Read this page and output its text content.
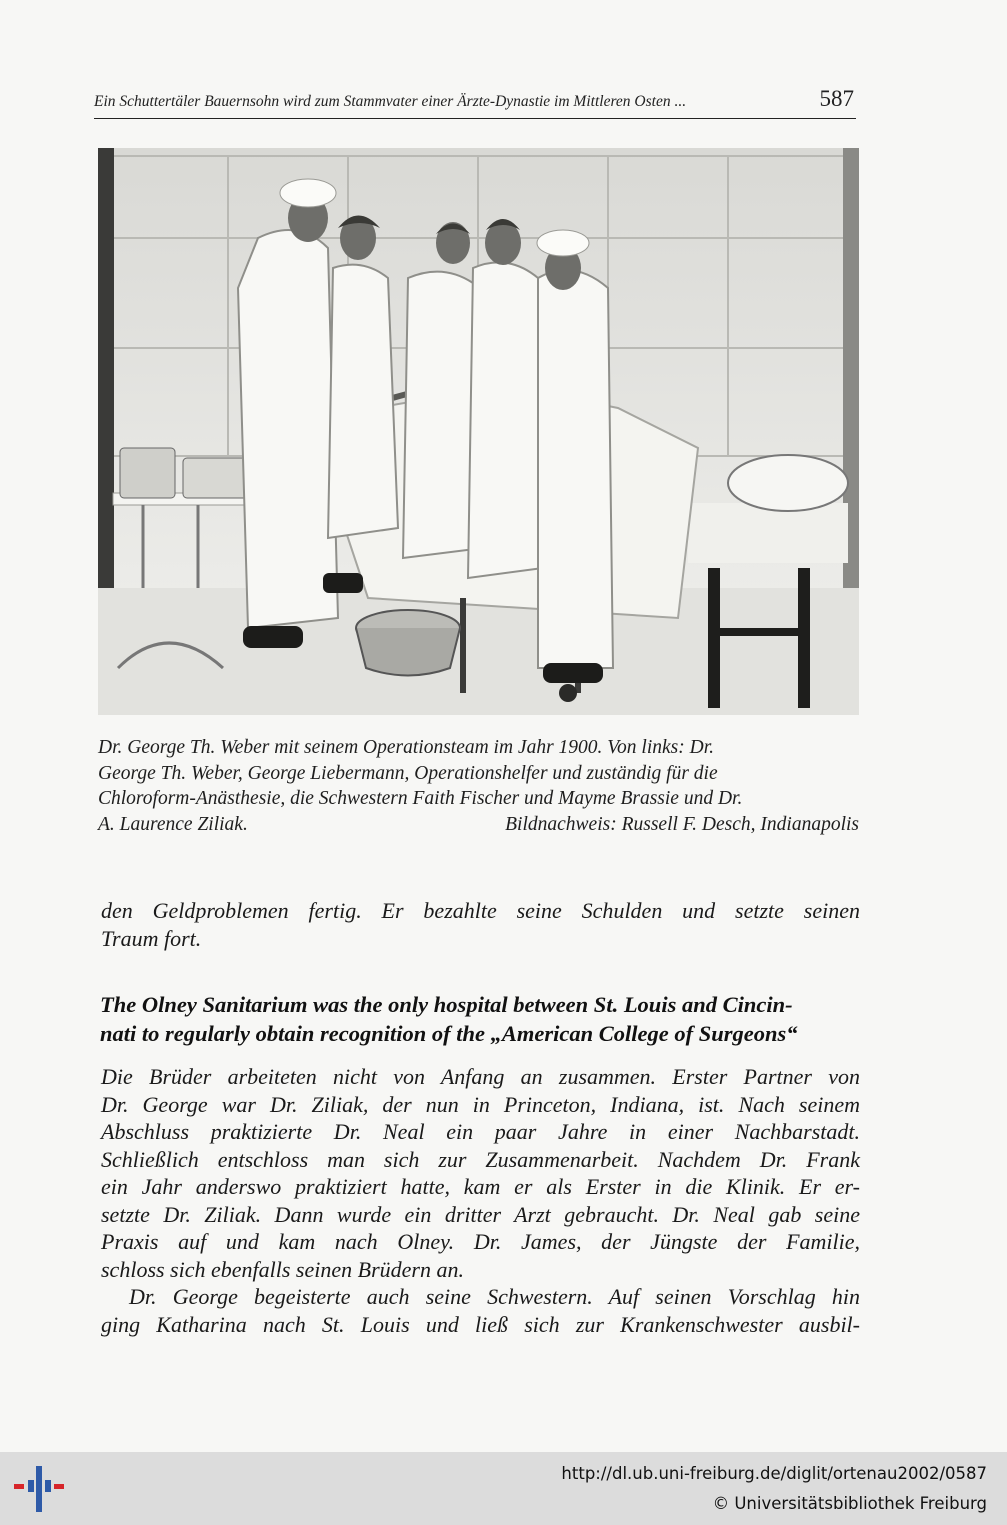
Ein Schuttertäler Bauernsohn wird zum Stammvater einer Ärzte-Dynastie im Mittleren Osten ...	587
Dr. George Th. Weber mit seinem Operationsteam im Jahr 1900. Von links: Dr.
George Th. Weber, George Liebermann, Operationshelfer und zuständig für die
Chloroform-Anästhesie, die Schwestern Faith Fischer und Mayme Brassie und Dr.
A. Laurence Ziliak.	Bildnachweis: Russell F. Desch, Indianapolis
den Geldproblemen fertig. Er bezahlte seine Schulden und setzte seinen
Traum fort.
The Olney Sanitarium was the only hospital between St. Louis and Cincin-
nati to regularly obtain recognition of the „American College of Surgeons“
Die Brüder arbeiteten nicht von Anfang an zusammen. Erster Partner von
Dr. George war Dr. Ziliak, der nun in Princeton, Indiana, ist. Nach seinem
Abschluss praktizierte Dr. Neal ein paar Jahre in einer Nachbarstadt.
Schließlich entschloss man sich zur Zusammenarbeit. Nachdem Dr. Frank
ein Jahr anderswo praktiziert hatte, kam er als Erster in die Klinik. Er er-
setzte Dr. Ziliak. Dann wurde ein dritter Arzt gebraucht. Dr. Neal gab seine
Praxis auf und kam nach Olney. Dr. James, der Jüngste der Familie,
schloss sich ebenfalls seinen Brüdern an.
Dr. George begeisterte auch seine Schwestern. Auf seinen Vorschlag hin
ging Katharina nach St. Louis und ließ sich zur Krankenschwester ausbil-
http://dl.ub.uni-freiburg.de/diglit/ortenau2002/0587
© Universitätsbibliothek Freiburg
